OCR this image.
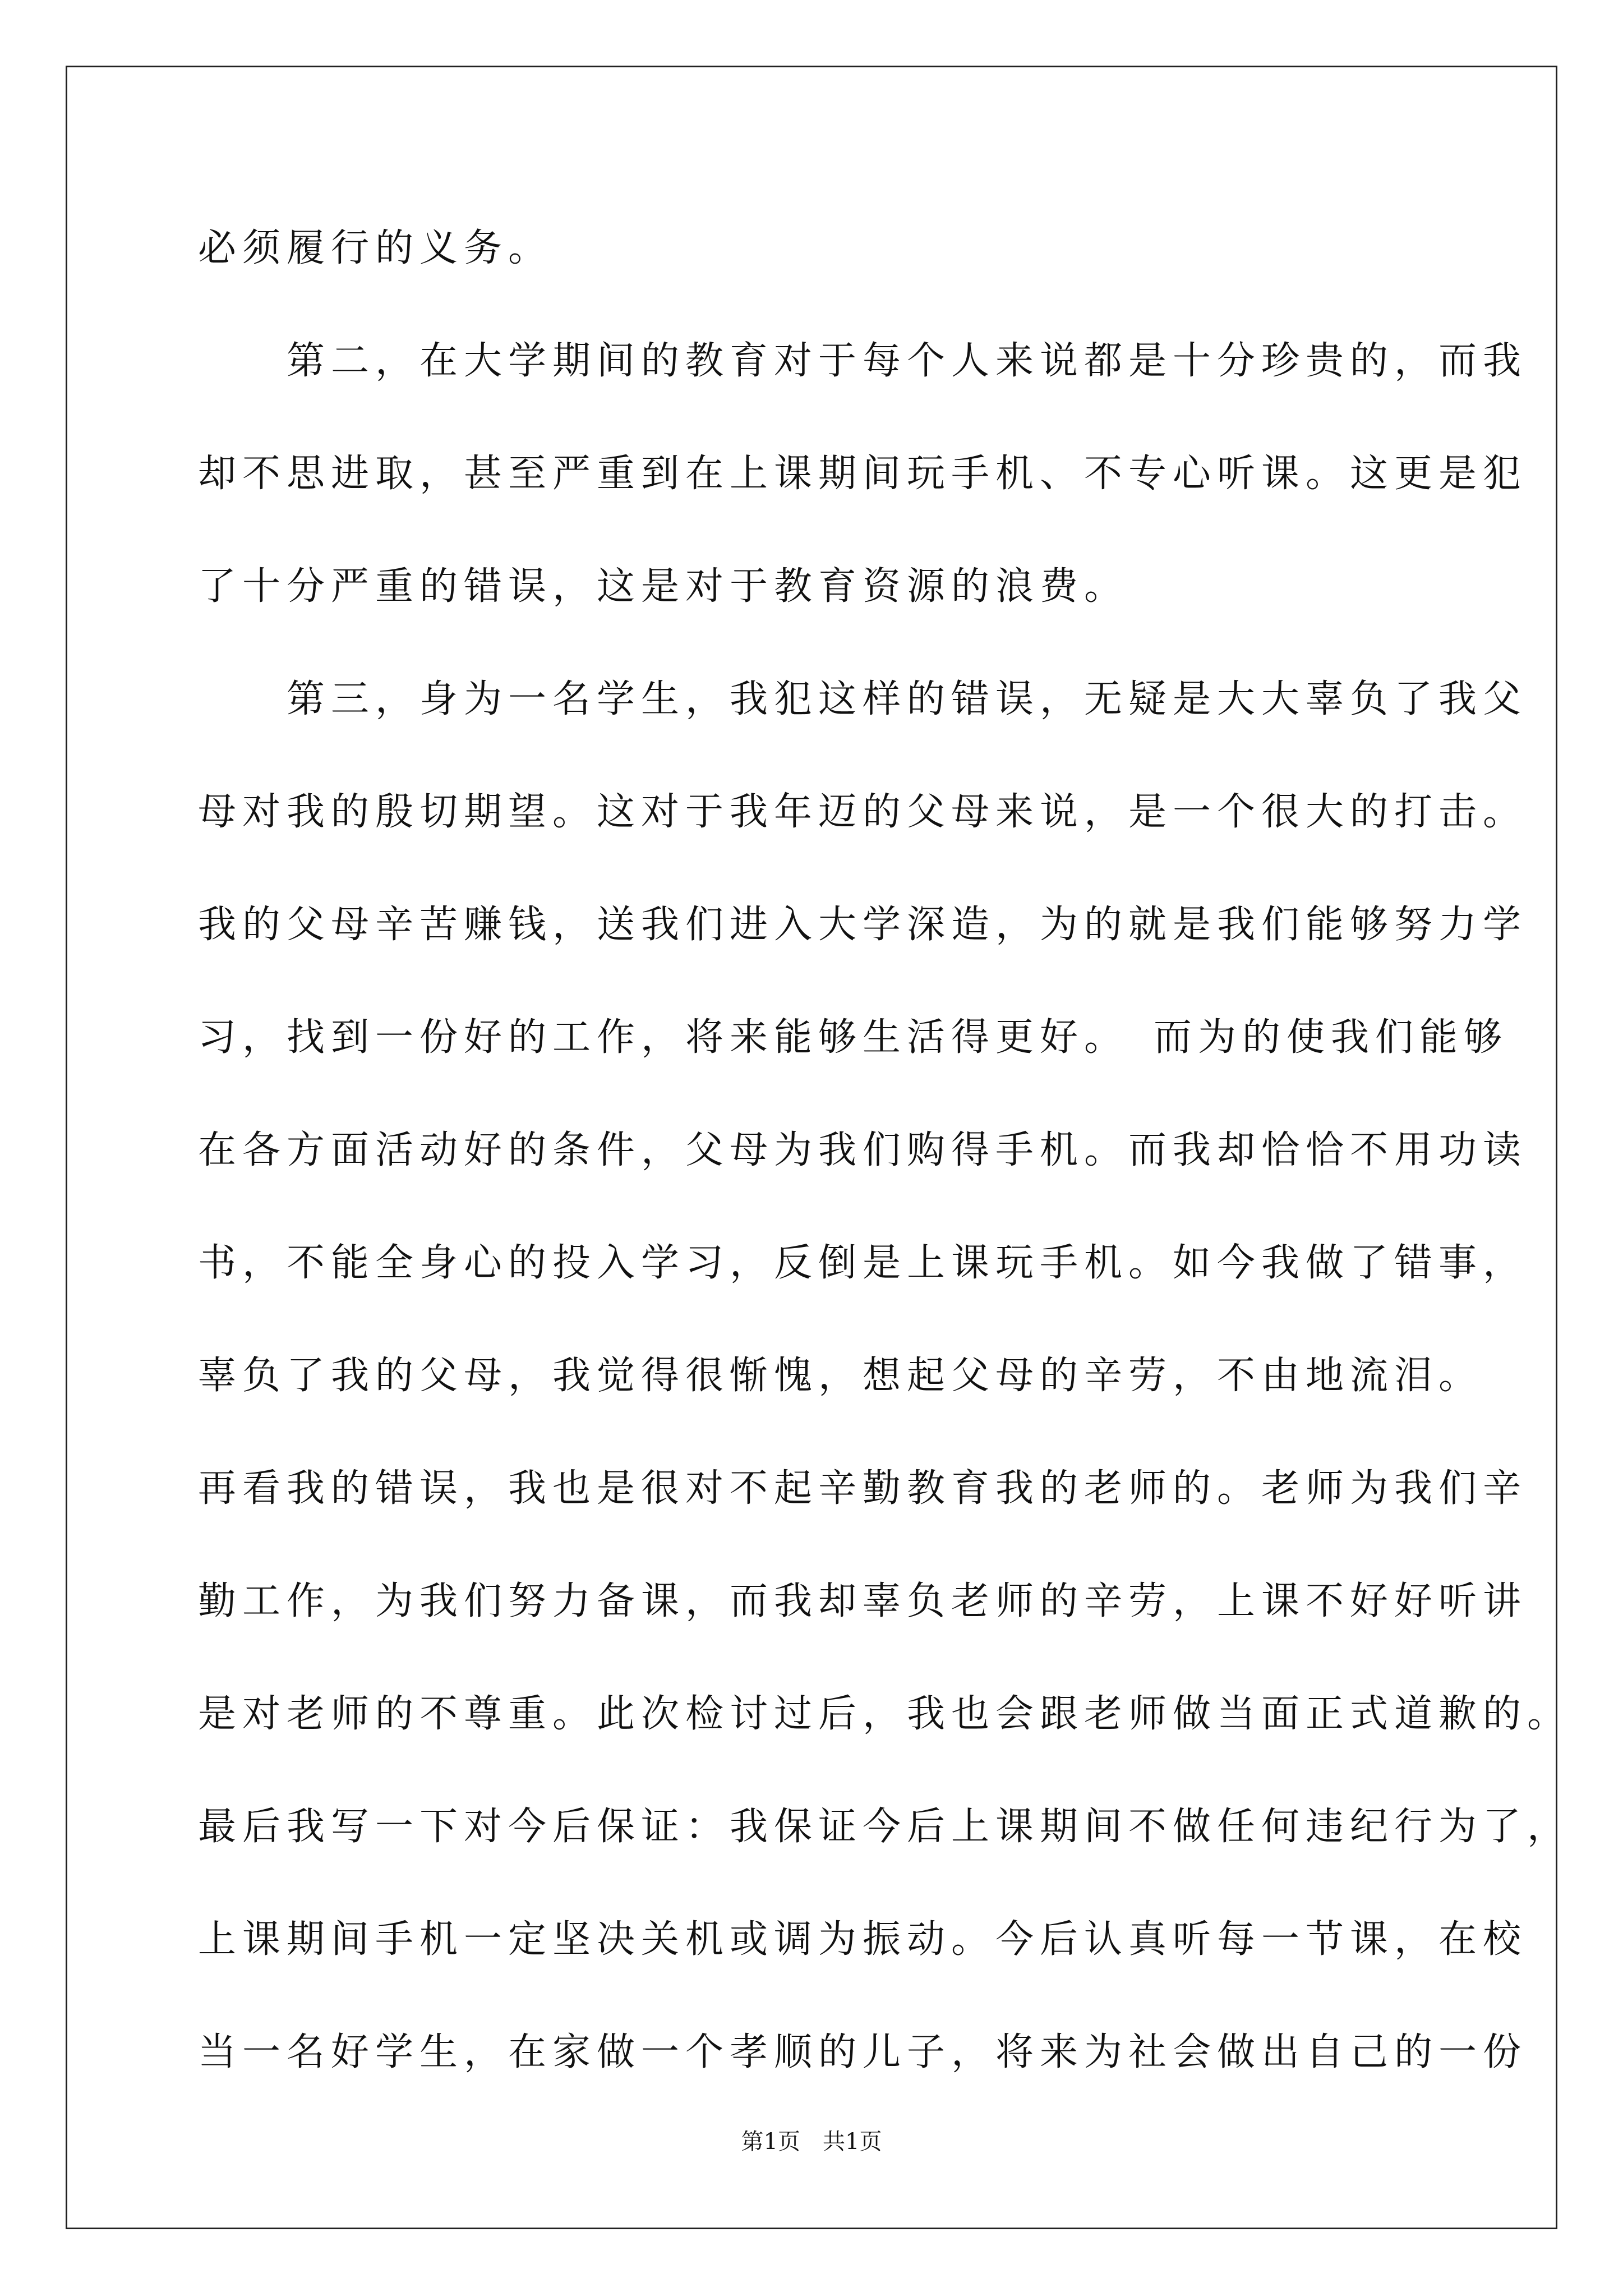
必须履行的义务。
　　第二，在大学期间的教育对于每个人来说都是十分珍贵的，而我
却不思进取，甚至严重到在上课期间玩手机、不专心听课。这更是犯
了十分严重的错误，这是对于教育资源的浪费。
　　第三，身为一名学生，我犯这样的错误，无疑是大大辜负了我父
母对我的殷切期望。这对于我年迈的父母来说，是一个很大的打击。
我的父母辛苦赚钱，送我们进入大学深造，为的就是我们能够努力学
习，找到一份好的工作，将来能够生活得更好。　而为的使我们能够
在各方面活动好的条件，父母为我们购得手机。而我却恰恰不用功读
书，不能全身心的投入学习，反倒是上课玩手机。如今我做了错事，
辜负了我的父母，我觉得很惭愧，想起父母的辛劳，不由地流泪。
再看我的错误，我也是很对不起辛勤教育我的老师的。老师为我们辛
勤工作，为我们努力备课，而我却辜负老师的辛劳，上课不好好听讲
是对老师的不尊重。此次检讨过后，我也会跟老师做当面正式道歉的。
最后我写一下对今后保证：我保证今后上课期间不做任何违纪行为了，
上课期间手机一定坚决关机或调为振动。今后认真听每一节课，在校
当一名好学生，在家做一个孝顺的儿子，将来为社会做出自己的一份
第1页　共1页
